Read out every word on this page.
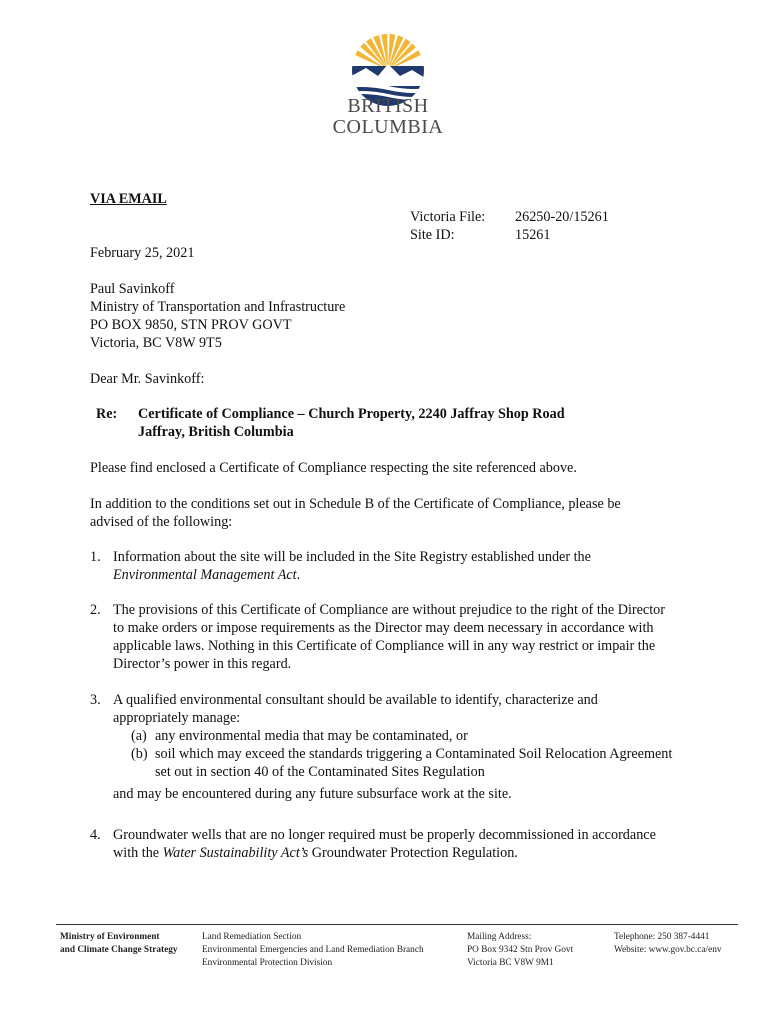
BRITISH
COLUMBIA
VIA EMAIL
Victoria File:	26250-20/15261
Site ID:	15261
February 25, 2021
Paul Savinkoff
Ministry of Transportation and Infrastructure
PO BOX 9850, STN PROV GOVT
Victoria, BC V8W 9T5
Dear Mr. Savinkoff:
Re: Certificate of Compliance – Church Property, 2240 Jaffray Shop Road
Jaffray, British Columbia
Please find enclosed a Certificate of Compliance respecting the site referenced above.
In addition to the conditions set out in Schedule B of the Certificate of Compliance, please be
advised of the following:
1. Information about the site will be included in the Site Registry established under the
Environmental Management Act.
2. The provisions of this Certificate of Compliance are without prejudice to the right of the Director
to make orders or impose requirements as the Director may deem necessary in accordance with
applicable laws. Nothing in this Certificate of Compliance will in any way restrict or impair the
Director’s power in this regard.
3. A qualified environmental consultant should be available to identify, characterize and
appropriately manage:
(a) any environmental media that may be contaminated, or
(b) soil which may exceed the standards triggering a Contaminated Soil Relocation Agreement
set out in section 40 of the Contaminated Sites Regulation
and may be encountered during any future subsurface work at the site.
4. Groundwater wells that are no longer required must be properly decommissioned in accordance
with the Water Sustainability Act’s Groundwater Protection Regulation.
Ministry of Environment
and Climate Change Strategy
Land Remediation Section
Environmental Emergencies and Land Remediation Branch
Environmental Protection Division
Mailing Address:
PO Box 9342 Stn Prov Govt
Victoria BC V8W 9M1
Telephone: 250 387-4441
Website: www.gov.bc.ca/env
